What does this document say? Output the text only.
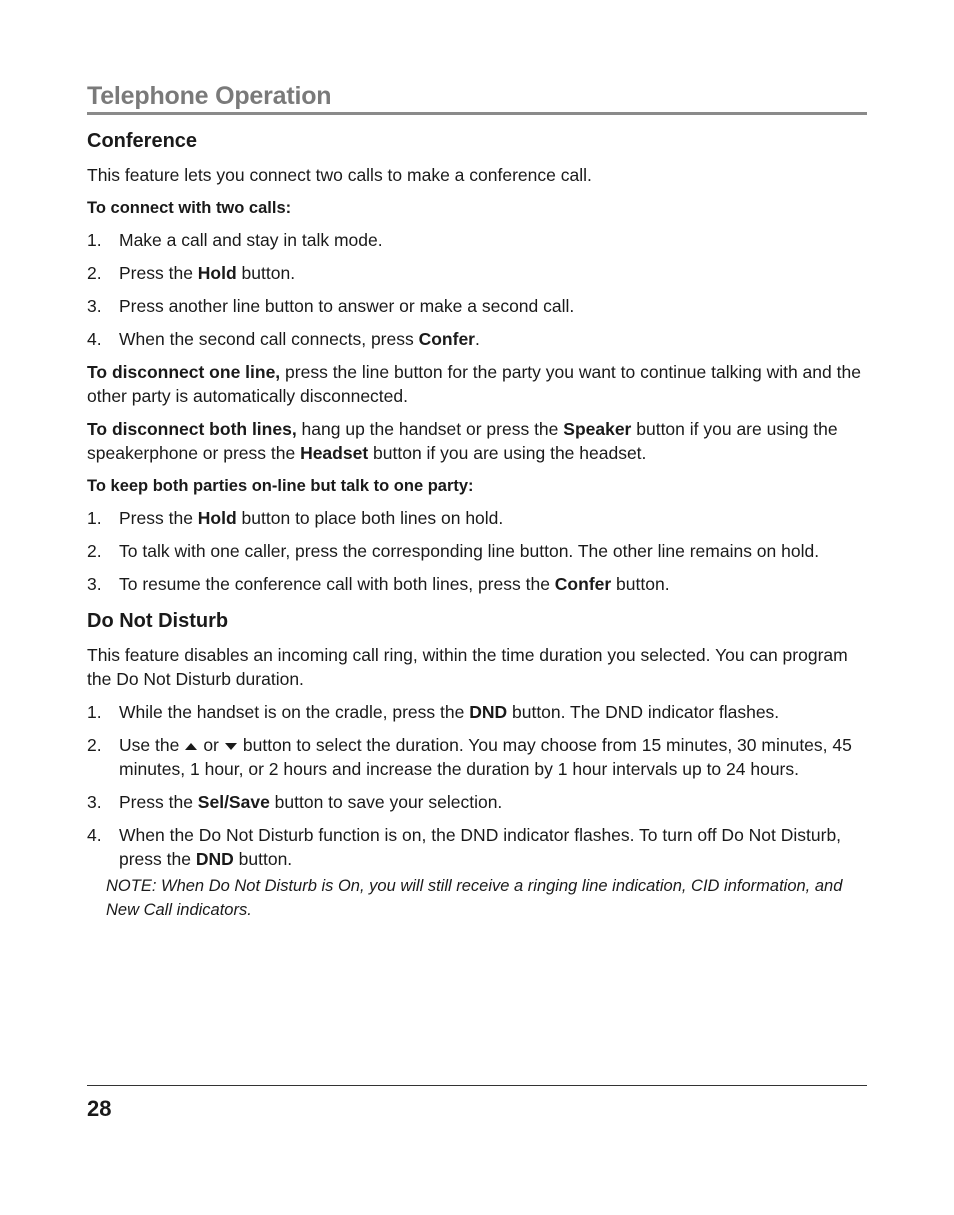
Telephone Operation
Conference

This feature lets you connect two calls to make a conference call.

To connect with two calls:

1. Make a call and stay in talk mode.
2. Press the Hold button.
3. Press another line button to answer or make a second call.
4. When the second call connects, press Confer.

To disconnect one line, press the line button for the party you want to continue talking with and the other party is automatically disconnected.

To disconnect both lines, hang up the handset or press the Speaker button if you are using the speakerphone or press the Headset button if you are using the headset.

To keep both parties on-line but talk to one party:

1. Press the Hold button to place both lines on hold.
2. To talk with one caller, press the corresponding line button. The other line remains on hold.
3. To resume the conference call with both lines, press the Confer button.
Do Not Disturb

This feature disables an incoming call ring, within the time duration you selected. You can program the Do Not Disturb duration.

1. While the handset is on the cradle, press the DND button. The DND indicator flashes.
2. Use the or button to select the duration. You may choose from 15 minutes, 30 minutes, 45 minutes, 1 hour, or 2 hours and increase the duration by 1 hour intervals up to 24 hours.
3. Press the Sel/Save button to save your selection.
4. When the Do Not Disturb function is on, the DND indicator flashes. To turn off Do Not Disturb, press the DND button.

NOTE: When Do Not Disturb is On, you will still receive a ringing line indication, CID information, and New Call indicators.

28
